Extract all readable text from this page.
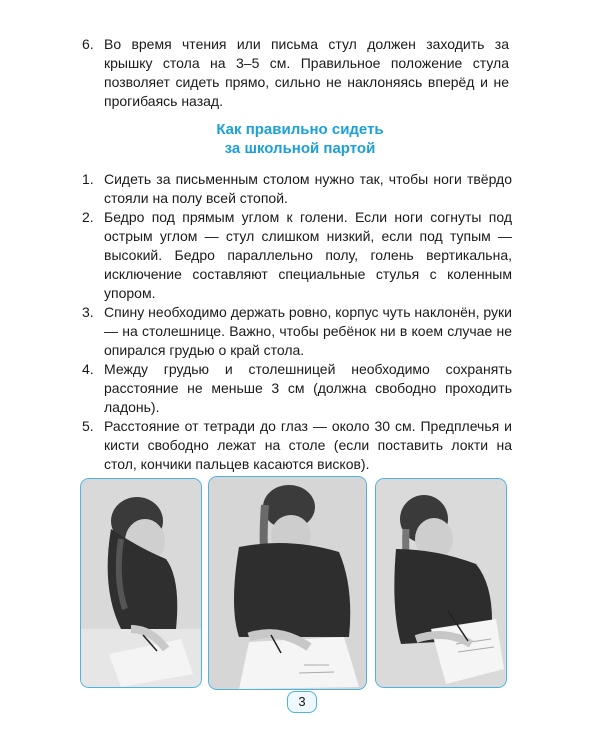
6. Во время чтения или письма стул должен заходить за крышку стола на 3–5 см. Правильное положение стула позволяет сидеть прямо, сильно не наклоняясь вперёд и не прогибаясь назад.
Как правильно сидеть
за школьной партой
1. Сидеть за письменным столом нужно так, чтобы ноги твёрдо стояли на полу всей стопой.
2. Бедро под прямым углом к голени. Если ноги согнуты под острым углом — стул слишком низкий, если под тупым — высокий. Бедро параллельно полу, голень вертикальна, исключение составляют специальные стулья с коленным упором.
3. Спину необходимо держать ровно, корпус чуть наклонён, руки — на столешнице. Важно, чтобы ребёнок ни в коем случае не опирался грудью о край стола.
4. Между грудью и столешницей необходимо сохранять расстояние не меньше 3 см (должна свободно проходить ладонь).
5. Расстояние от тетради до глаз — около 30 см. Предплечья и кисти свободно лежат на столе (если поставить локти на стол, кончики пальцев касаются висков).
3
